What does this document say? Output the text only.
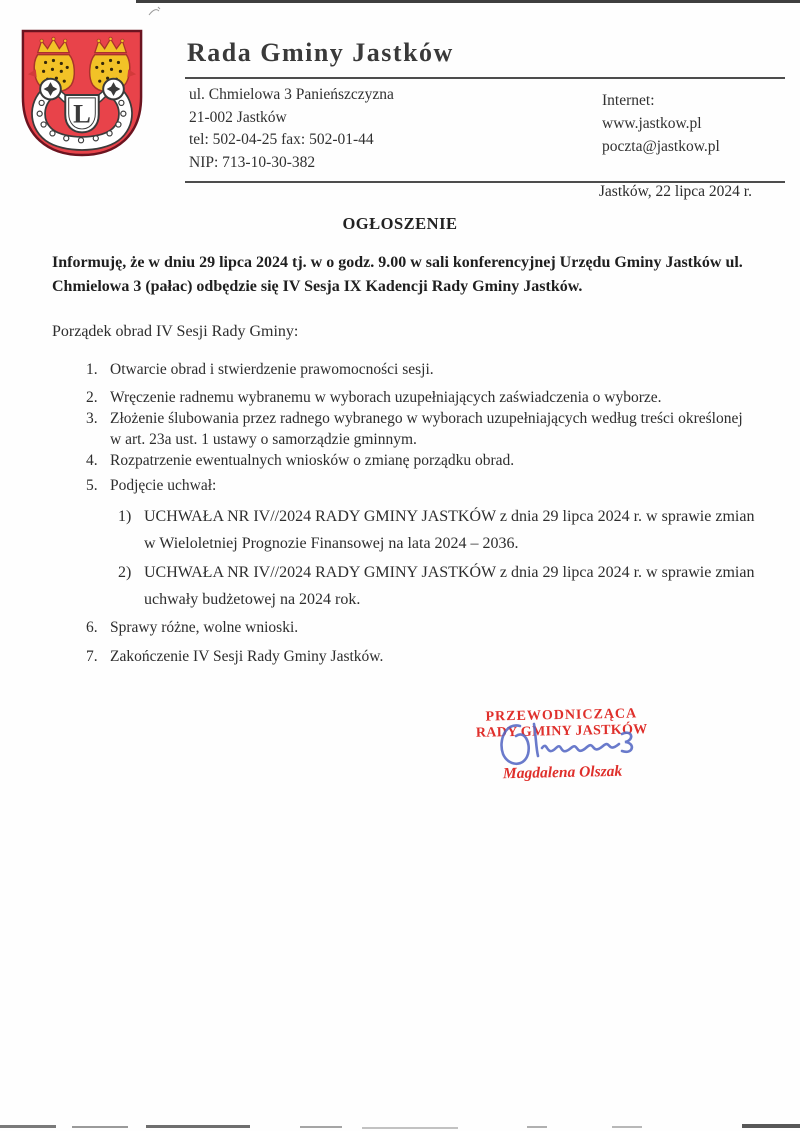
L
Rada Gminy Jastków
ul. Chmielowa 3 Panieńszczyzna
21-002 Jastków
tel: 502-04-25 fax: 502-01-44
NIP: 713-10-30-382
Internet:
www.jastkow.pl
poczta@jastkow.pl
Jastków, 22 lipca 2024 r.
OGŁOSZENIE

Informuję, że w dniu 29 lipca 2024 tj. w o godz. 9.00 w sali konferencyjnej Urzędu Gminy Jastków ul. Chmielowa 3 (pałac) odbędzie się IV Sesja IX Kadencji Rady Gminy Jastków.

Porządek obrad IV Sesji Rady Gminy:

1. Otwarcie obrad i stwierdzenie prawomocności sesji.
2. Wręczenie radnemu wybranemu w wyborach uzupełniających zaświadczenia o wyborze.
3. Złożenie ślubowania przez radnego wybranego w wyborach uzupełniających według treści określonej w art. 23a ust. 1 ustawy o samorządzie gminnym.
4. Rozpatrzenie ewentualnych wniosków o zmianę porządku obrad.
5. Podjęcie uchwał:
1) UCHWAŁA NR IV//2024 RADY GMINY JASTKÓW z dnia 29 lipca 2024 r. w sprawie zmian w Wieloletniej Prognozie Finansowej na lata 2024 – 2036.
2) UCHWAŁA NR IV//2024 RADY GMINY JASTKÓW z dnia 29 lipca 2024 r. w sprawie zmian uchwały budżetowej na 2024 rok.
6. Sprawy różne, wolne wnioski.
7. Zakończenie IV Sesji Rady Gminy Jastków.
PRZEWODNICZĄCA
RADY GMINY JASTKÓW
Magdalena Olszak
